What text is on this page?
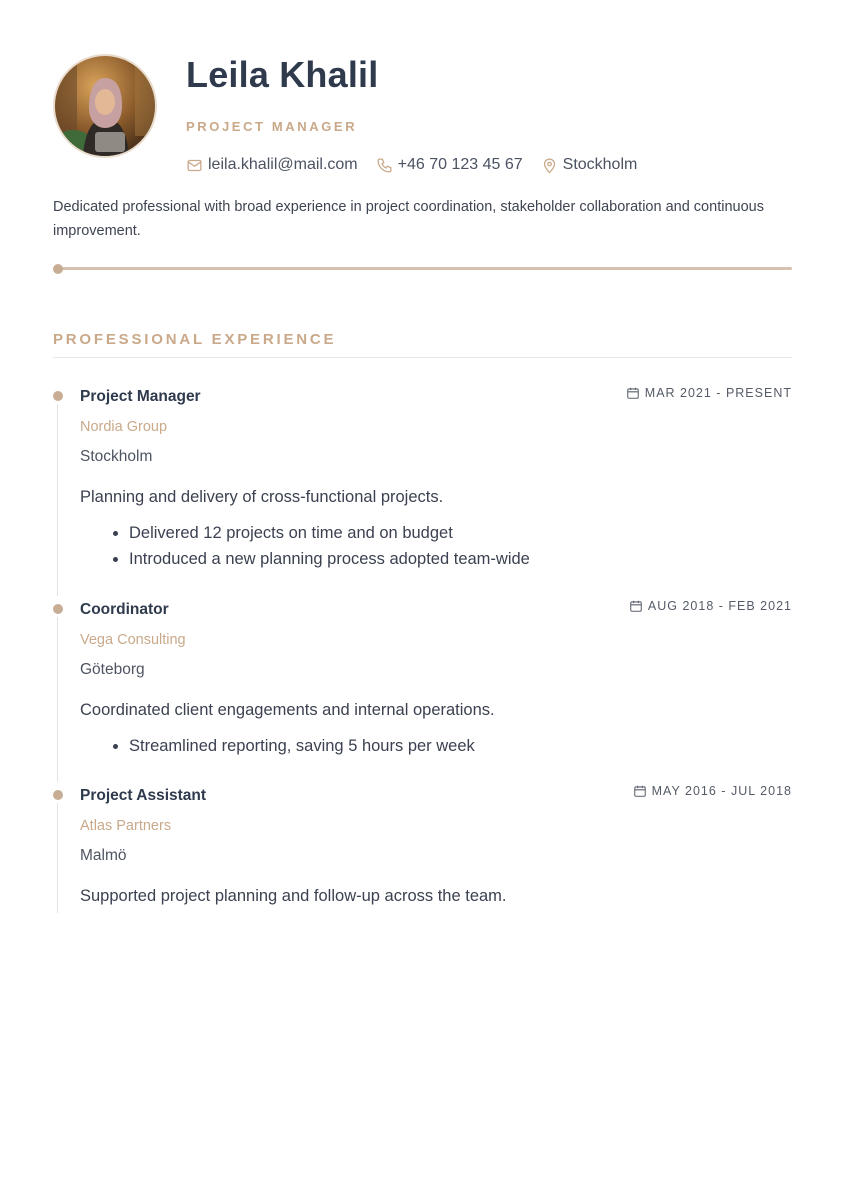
Leila Khalil
PROJECT MANAGER
leila.khalil@mail.com	+46 70 123 45 67	Stockholm

Dedicated professional with broad experience in project coordination, stakeholder collaboration and continuous improvement.

PROFESSIONAL EXPERIENCE
Project Manager	MAR 2021 - PRESENT
Nordia Group
Stockholm

Planning and delivery of cross-functional projects.

• Delivered 12 projects on time and on budget
• Introduced a new planning process adopted team-wide
Coordinator	AUG 2018 - FEB 2021
Vega Consulting
Göteborg

Coordinated client engagements and internal operations.

• Streamlined reporting, saving 5 hours per week
Project Assistant	MAY 2016 - JUL 2018
Atlas Partners
Malmö

Supported project planning and follow-up across the team.
